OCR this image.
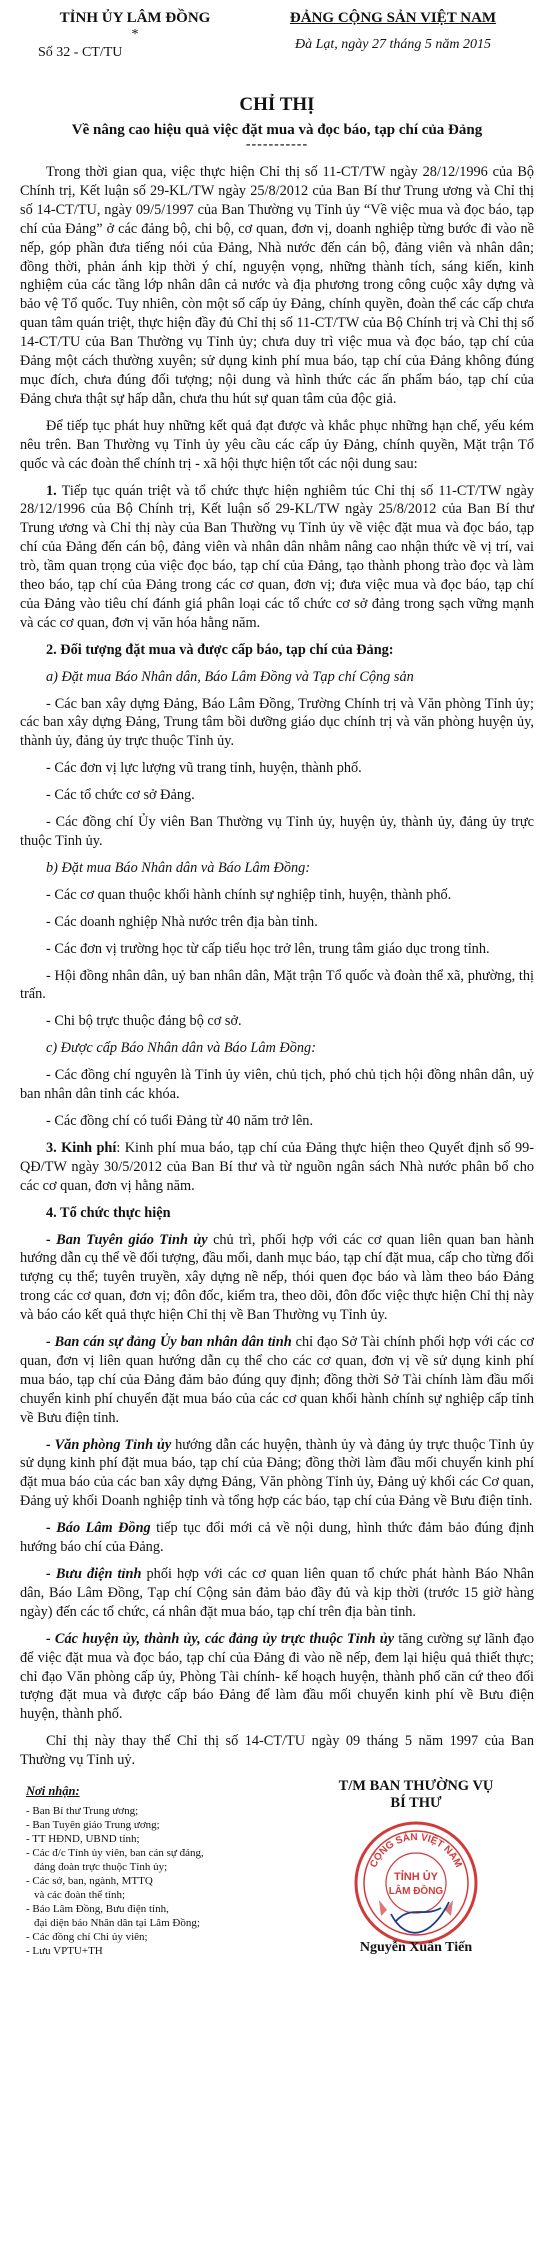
TỈNH ỦY LÂM ĐỒNG
*
Số 32 - CT/TU
ĐẢNG CỘNG SẢN VIỆT NAM
Đà Lạt, ngày 27 tháng 5 năm 2015
CHỈ THỊ
Về nâng cao hiệu quả việc đặt mua và đọc báo, tạp chí của Đảng
-----------

Trong thời gian qua, việc thực hiện Chỉ thị số 11-CT/TW ngày 28/12/1996 của Bộ Chính trị, Kết luận số 29-KL/TW ngày 25/8/2012 của Ban Bí thư Trung ương và Chỉ thị số 14-CT/TU, ngày 09/5/1997 của Ban Thường vụ Tỉnh ủy “Về việc mua và đọc báo, tạp chí của Đảng” ở các đảng bộ, chi bộ, cơ quan, đơn vị, doanh nghiệp từng bước đi vào nề nếp, góp phần đưa tiếng nói của Đảng, Nhà nước đến cán bộ, đảng viên và nhân dân; đồng thời, phản ánh kịp thời ý chí, nguyện vọng, những thành tích, sáng kiến, kinh nghiệm của các tầng lớp nhân dân cả nước và địa phương trong công cuộc xây dựng và bảo vệ Tổ quốc. Tuy nhiên, còn một số cấp ủy Đảng, chính quyền, đoàn thể các cấp chưa quan tâm quán triệt, thực hiện đầy đủ Chỉ thị số 11-CT/TW của Bộ Chính trị và Chỉ thị số 14-CT/TU của Ban Thường vụ Tỉnh ủy; chưa duy trì việc mua và đọc báo, tạp chí của Đảng một cách thường xuyên; sử dụng kinh phí mua báo, tạp chí của Đảng không đúng mục đích, chưa đúng đối tượng; nội dung và hình thức các ấn phẩm báo, tạp chí của Đảng chưa thật sự hấp dẫn, chưa thu hút sự quan tâm của độc giả.

Để tiếp tục phát huy những kết quả đạt được và khắc phục những hạn chế, yếu kém nêu trên. Ban Thường vụ Tỉnh ủy yêu cầu các cấp ủy Đảng, chính quyền, Mặt trận Tổ quốc và các đoàn thể chính trị - xã hội thực hiện tốt các nội dung sau:

1. Tiếp tục quán triệt và tổ chức thực hiện nghiêm túc Chỉ thị số 11-CT/TW ngày 28/12/1996 của Bộ Chính trị, Kết luận số 29-KL/TW ngày 25/8/2012 của Ban Bí thư Trung ương và Chỉ thị này của Ban Thường vụ Tỉnh ủy về việc đặt mua và đọc báo, tạp chí của Đảng đến cán bộ, đảng viên và nhân dân nhằm nâng cao nhận thức về vị trí, vai trò, tầm quan trọng của việc đọc báo, tạp chí của Đảng, tạo thành phong trào đọc và làm theo báo, tạp chí của Đảng trong các cơ quan, đơn vị; đưa việc mua và đọc báo, tạp chí của Đảng vào tiêu chí đánh giá phân loại các tổ chức cơ sở đảng trong sạch vững mạnh và các cơ quan, đơn vị văn hóa hằng năm.

2. Đối tượng đặt mua và được cấp báo, tạp chí của Đảng:

a) Đặt mua Báo Nhân dân, Báo Lâm Đồng và Tạp chí Cộng sản

- Các ban xây dựng Đảng, Báo Lâm Đồng, Trường Chính trị và Văn phòng Tỉnh ủy; các ban xây dựng Đảng, Trung tâm bồi dưỡng giáo dục chính trị và văn phòng huyện ủy, thành ủy, đảng ủy trực thuộc Tỉnh ủy.

- Các đơn vị lực lượng vũ trang tỉnh, huyện, thành phố.

- Các tổ chức cơ sở Đảng.

- Các đồng chí Ủy viên Ban Thường vụ Tỉnh ủy, huyện ủy, thành ủy, đảng ủy trực thuộc Tỉnh ủy.

b) Đặt mua Báo Nhân dân và Báo Lâm Đồng:

- Các cơ quan thuộc khối hành chính sự nghiệp tỉnh, huyện, thành phố.

- Các doanh nghiệp Nhà nước trên địa bàn tỉnh.

- Các đơn vị trường học từ cấp tiểu học trở lên, trung tâm giáo dục trong tỉnh.

- Hội đồng nhân dân, uỷ ban nhân dân, Mặt trận Tổ quốc và đoàn thể xã, phường, thị trấn.

- Chi bộ trực thuộc đảng bộ cơ sở.

c) Được cấp Báo Nhân dân và Báo Lâm Đồng:

- Các đồng chí nguyên là Tỉnh ủy viên, chủ tịch, phó chủ tịch hội đồng nhân dân, uỷ ban nhân dân tỉnh các khóa.

- Các đồng chí có tuổi Đảng từ 40 năm trở lên.

3. Kinh phí: Kinh phí mua báo, tạp chí của Đảng thực hiện theo Quyết định số 99-QĐ/TW ngày 30/5/2012 của Ban Bí thư và từ nguồn ngân sách Nhà nước phân bổ cho các cơ quan, đơn vị hằng năm.

4. Tổ chức thực hiện

- Ban Tuyên giáo Tỉnh ủy chủ trì, phối hợp với các cơ quan liên quan ban hành hướng dẫn cụ thể về đối tượng, đầu mối, danh mục báo, tạp chí đặt mua, cấp cho từng đối tượng cụ thể; tuyên truyền, xây dựng nề nếp, thói quen đọc báo và làm theo báo Đảng trong các cơ quan, đơn vị; đôn đốc, kiểm tra, theo dõi, đôn đốc việc thực hiện Chỉ thị này và báo cáo kết quả thực hiện Chỉ thị về Ban Thường vụ Tỉnh ủy.

- Ban cán sự đảng Ủy ban nhân dân tỉnh chỉ đạo Sở Tài chính phối hợp với các cơ quan, đơn vị liên quan hướng dẫn cụ thể cho các cơ quan, đơn vị về sử dụng kinh phí mua báo, tạp chí của Đảng đảm bảo đúng quy định; đồng thời Sở Tài chính làm đầu mối chuyển kinh phí chuyển đặt mua báo của các cơ quan khối hành chính sự nghiệp cấp tỉnh về Bưu điện tỉnh.

- Văn phòng Tỉnh ủy hướng dẫn các huyện, thành ủy và đảng ủy trực thuộc Tỉnh ủy sử dụng kinh phí đặt mua báo, tạp chí của Đảng; đồng thời làm đầu mối chuyển kinh phí đặt mua báo của các ban xây dựng Đảng, Văn phòng Tỉnh ủy, Đảng uỷ khối các Cơ quan, Đảng uỷ khối Doanh nghiệp tỉnh và tổng hợp các báo, tạp chí của Đảng về Bưu điện tỉnh.

- Báo Lâm Đồng tiếp tục đổi mới cả về nội dung, hình thức đảm bảo đúng định hướng báo chí của Đảng.

- Bưu điện tỉnh phối hợp với các cơ quan liên quan tổ chức phát hành Báo Nhân dân, Báo Lâm Đồng, Tạp chí Cộng sản đảm bảo đầy đủ và kịp thời (trước 15 giờ hàng ngày) đến các tổ chức, cá nhân đặt mua báo, tạp chí trên địa bàn tỉnh.

- Các huyện ủy, thành ủy, các đảng ủy trực thuộc Tỉnh ủy tăng cường sự lãnh đạo để việc đặt mua và đọc báo, tạp chí của Đảng đi vào nề nếp, đem lại hiệu quả thiết thực; chỉ đạo Văn phòng cấp ủy, Phòng Tài chính- kế hoạch huyện, thành phố căn cứ theo đối tượng đặt mua và được cấp báo Đảng để làm đầu mối chuyển kinh phí về Bưu điện huyện, thành phố.

Chỉ thị này thay thế Chỉ thị số 14-CT/TU ngày 09 tháng 5 năm 1997 của Ban Thường vụ Tỉnh uỷ.

Nơi nhận:
- Ban Bí thư Trung ương;
- Ban Tuyên giáo Trung ương;
- TT HĐND, UBND tỉnh;
- Các đ/c Tỉnh ủy viên, ban cán sự đảng,
đảng đoàn trực thuộc Tỉnh ủy;
- Các sở, ban, ngành, MTTQ
và các đoàn thể tỉnh;
- Báo Lâm Đồng, Bưu điện tỉnh,
đại diện báo Nhân dân tại Lâm Đồng;
- Các đồng chí Chi ủy viên;
- Lưu VPTU+TH
T/M BAN THƯỜNG VỤ
BÍ THƯ
CỘNG SẢN VIỆT NAM
TỈNH ỦY
LÂM ĐỒNG
Nguyễn Xuân Tiến
